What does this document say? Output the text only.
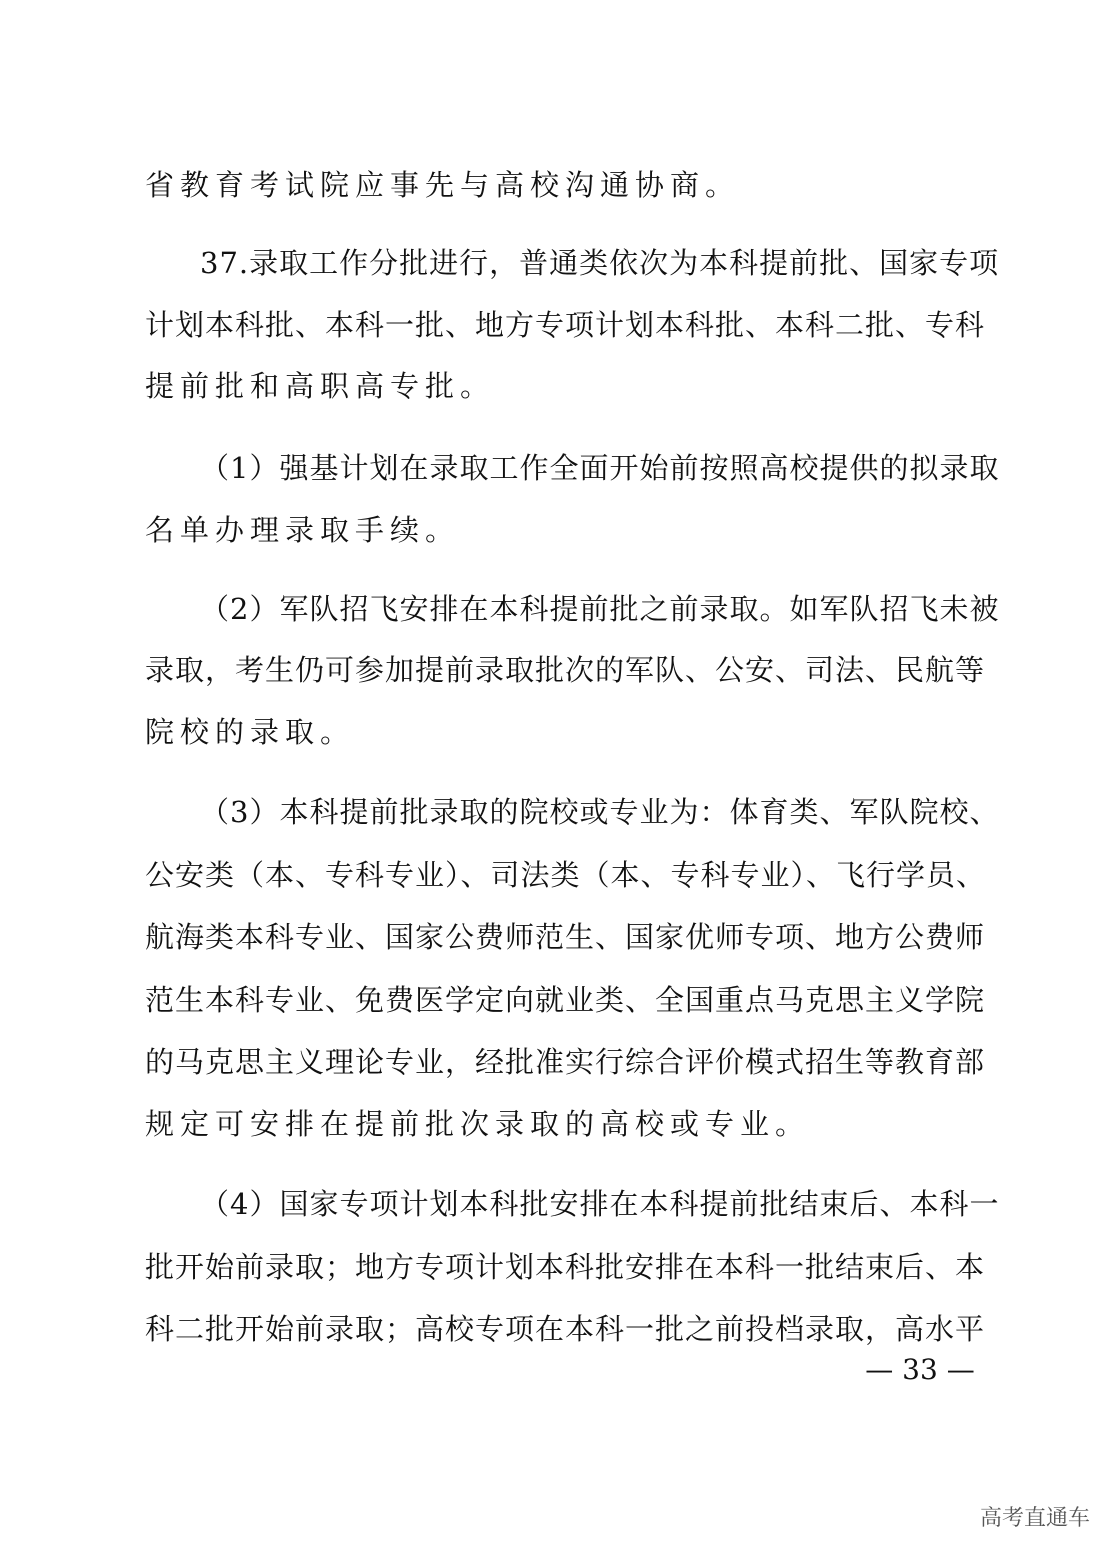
省教育考试院应事先与高校沟通协商。
37.录取工作分批进行，普通类依次为本科提前批、国家专项
计划本科批、本科一批、地方专项计划本科批、本科二批、专科
提前批和高职高专批。
（1）强基计划在录取工作全面开始前按照高校提供的拟录取
名单办理录取手续。
（2）军队招飞安排在本科提前批之前录取。如军队招飞未被
录取，考生仍可参加提前录取批次的军队、公安、司法、民航等
院校的录取。
（3）本科提前批录取的院校或专业为：体育类、军队院校、
公安类（本、专科专业）、司法类（本、专科专业）、飞行学员、
航海类本科专业、国家公费师范生、国家优师专项、地方公费师
范生本科专业、免费医学定向就业类、全国重点马克思主义学院
的马克思主义理论专业，经批准实行综合评价模式招生等教育部
规定可安排在提前批次录取的高校或专业。
（4）国家专项计划本科批安排在本科提前批结束后、本科一
批开始前录取；地方专项计划本科批安排在本科一批结束后、本
科二批开始前录取；高校专项在本科一批之前投档录取，高水平
— 33 —
高考直通车
